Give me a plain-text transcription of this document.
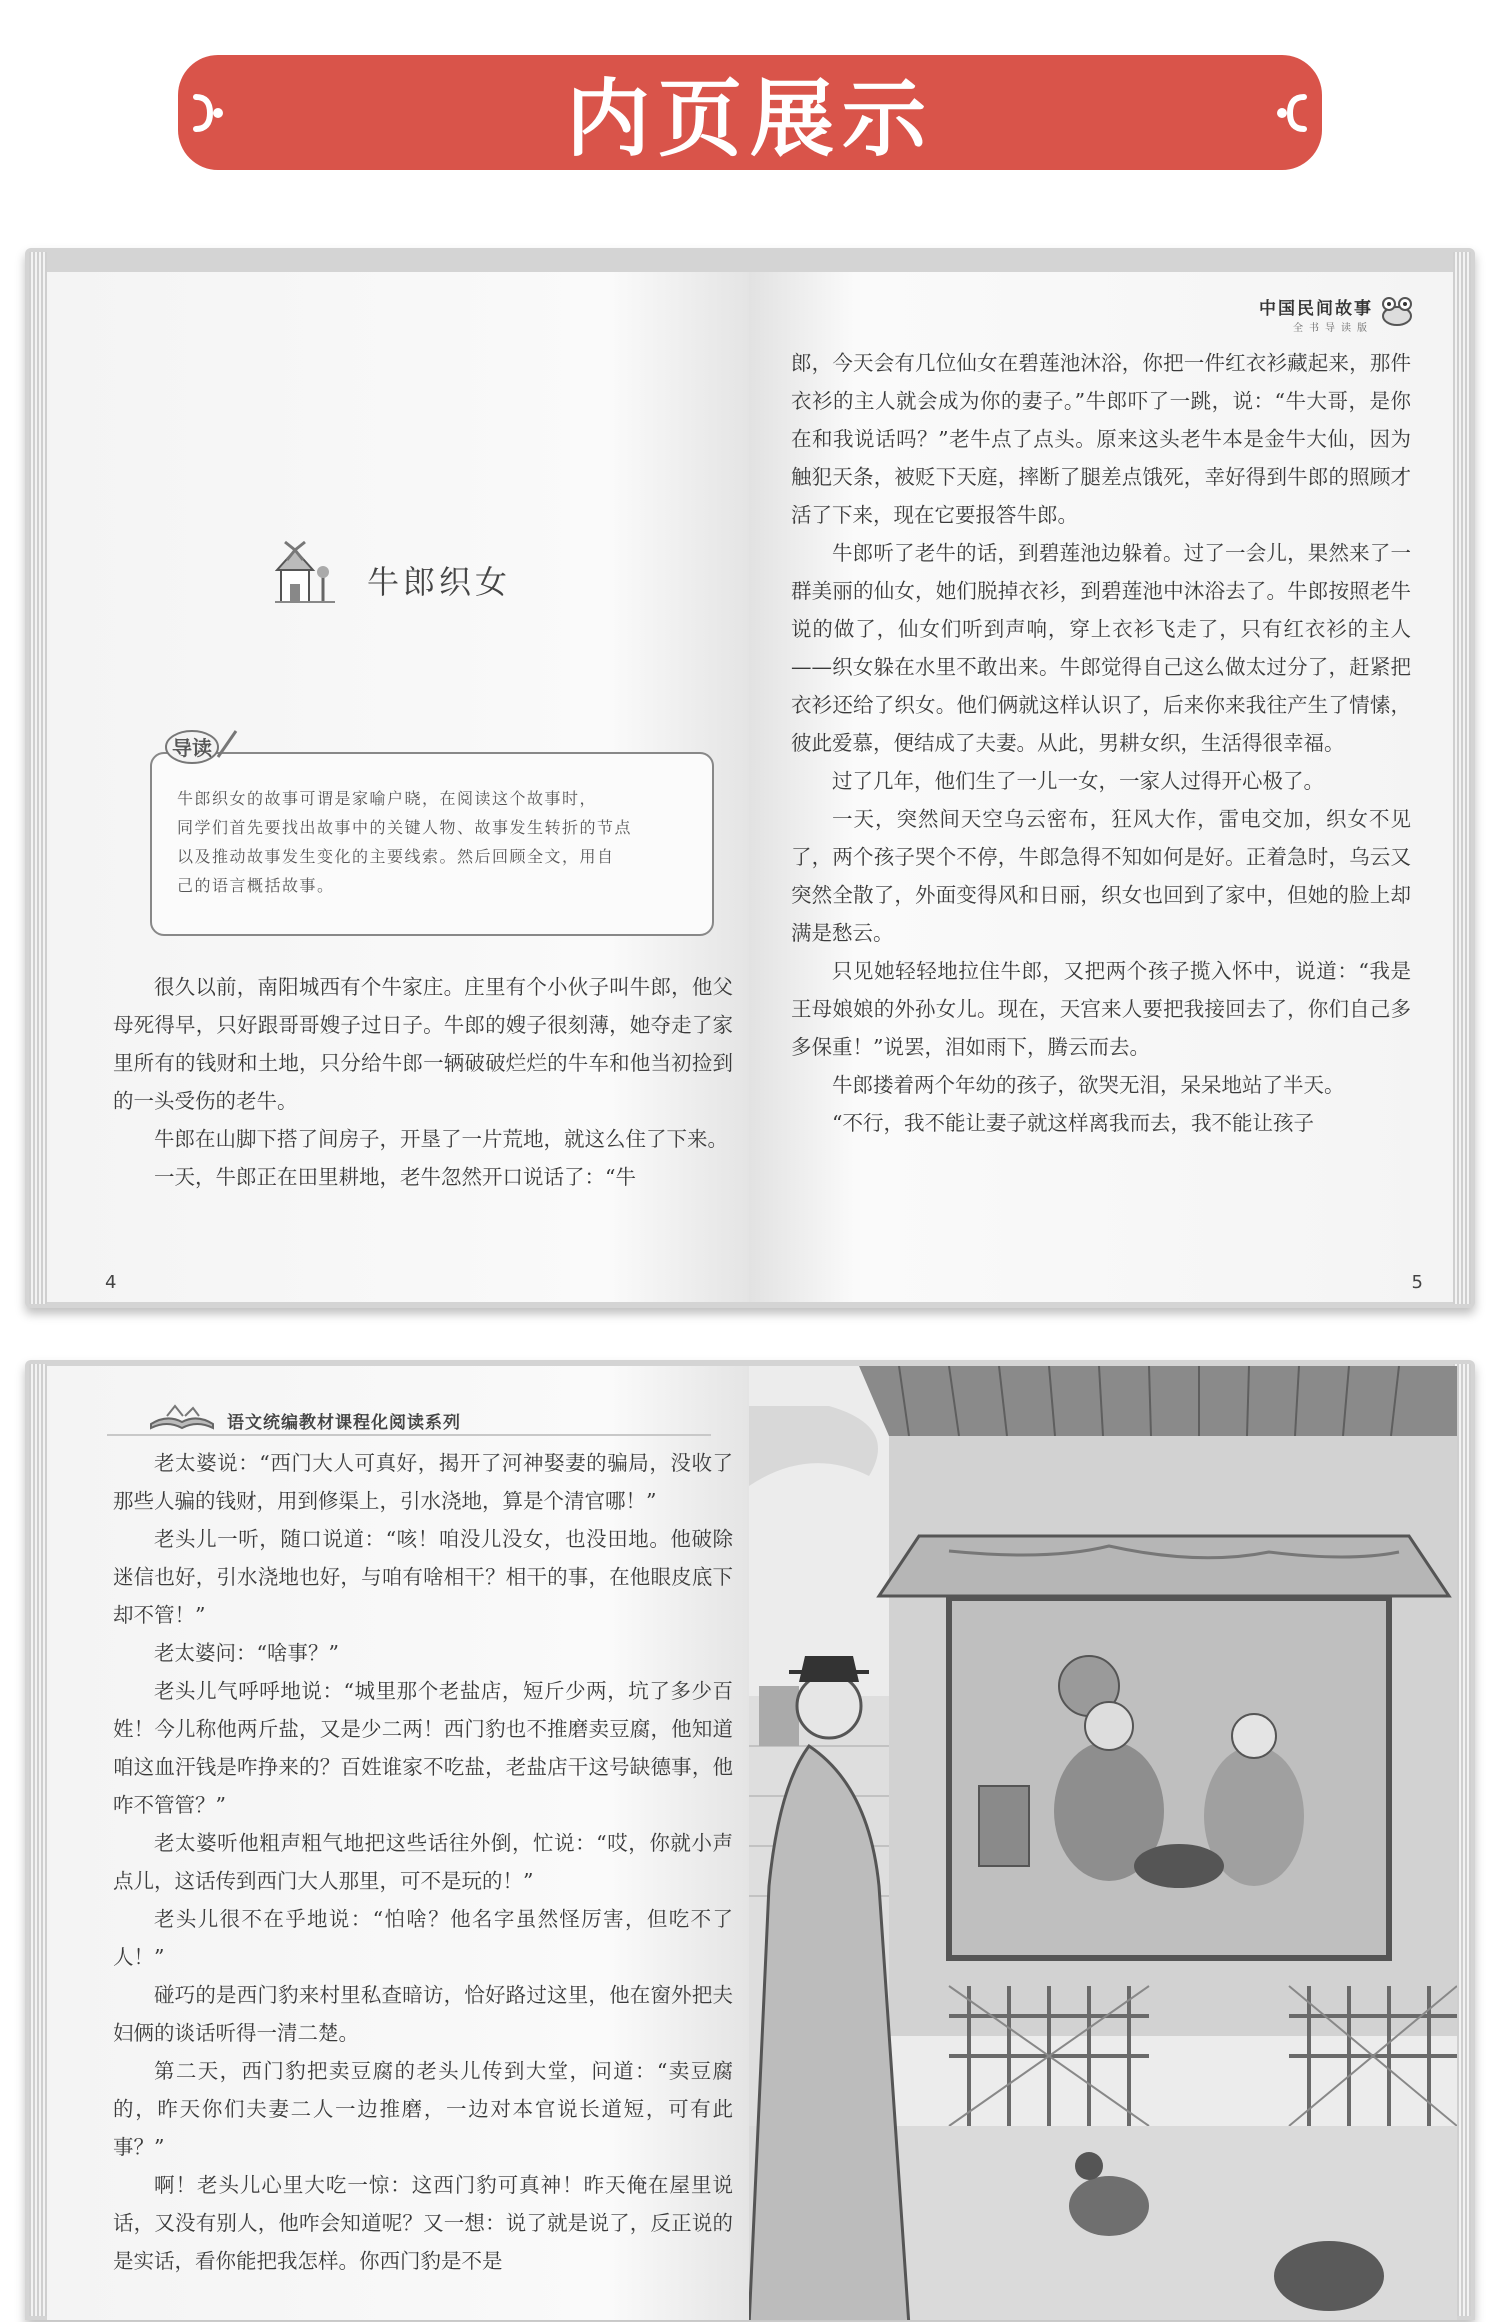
内页展示
牛郎织女
导读
牛郎织女的故事可谓是家喻户晓，在阅读这个故事时，
同学们首先要找出故事中的关键人物、故事发生转折的节点
以及推动故事发生变化的主要线索。然后回顾全文，用自
己的语言概括故事。

很久以前，南阳城西有个牛家庄。庄里有个小伙子叫牛郎，他父母死得早，只好跟哥哥嫂子过日子。牛郎的嫂子很刻薄，她夺走了家里所有的钱财和土地，只分给牛郎一辆破破烂烂的牛车和他当初捡到的一头受伤的老牛。

牛郎在山脚下搭了间房子，开垦了一片荒地，就这么住了下来。

一天，牛郎正在田里耕地，老牛忽然开口说话了：“牛

4
中国民间故事
全书导读版

郎，今天会有几位仙女在碧莲池沐浴，你把一件红衣衫藏起来，那件衣衫的主人就会成为你的妻子。”牛郎吓了一跳，说：“牛大哥，是你在和我说话吗？”老牛点了点头。原来这头老牛本是金牛大仙，因为触犯天条，被贬下天庭，摔断了腿差点饿死，幸好得到牛郎的照顾才活了下来，现在它要报答牛郎。

牛郎听了老牛的话，到碧莲池边躲着。过了一会儿，果然来了一群美丽的仙女，她们脱掉衣衫，到碧莲池中沐浴去了。牛郎按照老牛说的做了，仙女们听到声响，穿上衣衫飞走了，只有红衣衫的主人——织女躲在水里不敢出来。牛郎觉得自己这么做太过分了，赶紧把衣衫还给了织女。他们俩就这样认识了，后来你来我往产生了情愫，彼此爱慕，便结成了夫妻。从此，男耕女织，生活得很幸福。

过了几年，他们生了一儿一女，一家人过得开心极了。

一天，突然间天空乌云密布，狂风大作，雷电交加，织女不见了，两个孩子哭个不停，牛郎急得不知如何是好。正着急时，乌云又突然全散了，外面变得风和日丽，织女也回到了家中，但她的脸上却满是愁云。

只见她轻轻地拉住牛郎，又把两个孩子揽入怀中，说道：“我是王母娘娘的外孙女儿。现在，天宫来人要把我接回去了，你们自己多多保重！”说罢，泪如雨下，腾云而去。

牛郎搂着两个年幼的孩子，欲哭无泪，呆呆地站了半天。

“不行，我不能让妻子就这样离我而去，我不能让孩子

5
语文统编教材课程化阅读系列

老太婆说：“西门大人可真好，揭开了河神娶妻的骗局，没收了那些人骗的钱财，用到修渠上，引水浇地，算是个清官哪！”

老头儿一听，随口说道：“咳！咱没儿没女，也没田地。他破除迷信也好，引水浇地也好，与咱有啥相干？相干的事，在他眼皮底下却不管！”

老太婆问：“啥事？”

老头儿气呼呼地说：“城里那个老盐店，短斤少两，坑了多少百姓！今儿称他两斤盐，又是少二两！西门豹也不推磨卖豆腐，他知道咱这血汗钱是咋挣来的？百姓谁家不吃盐，老盐店干这号缺德事，他咋不管管？”

老太婆听他粗声粗气地把这些话往外倒，忙说：“哎，你就小声点儿，这话传到西门大人那里，可不是玩的！”

老头儿很不在乎地说：“怕啥？他名字虽然怪厉害，但吃不了人！”

碰巧的是西门豹来村里私查暗访，恰好路过这里，他在窗外把夫妇俩的谈话听得一清二楚。

第二天，西门豹把卖豆腐的老头儿传到大堂，问道：“卖豆腐的，昨天你们夫妻二人一边推磨，一边对本官说长道短，可有此事？”

啊！老头儿心里大吃一惊：这西门豹可真神！昨天俺在屋里说话，又没有别人，他咋会知道呢？又一想：说了就是说了，反正说的是实话，看你能把我怎样。你西门豹是不是
